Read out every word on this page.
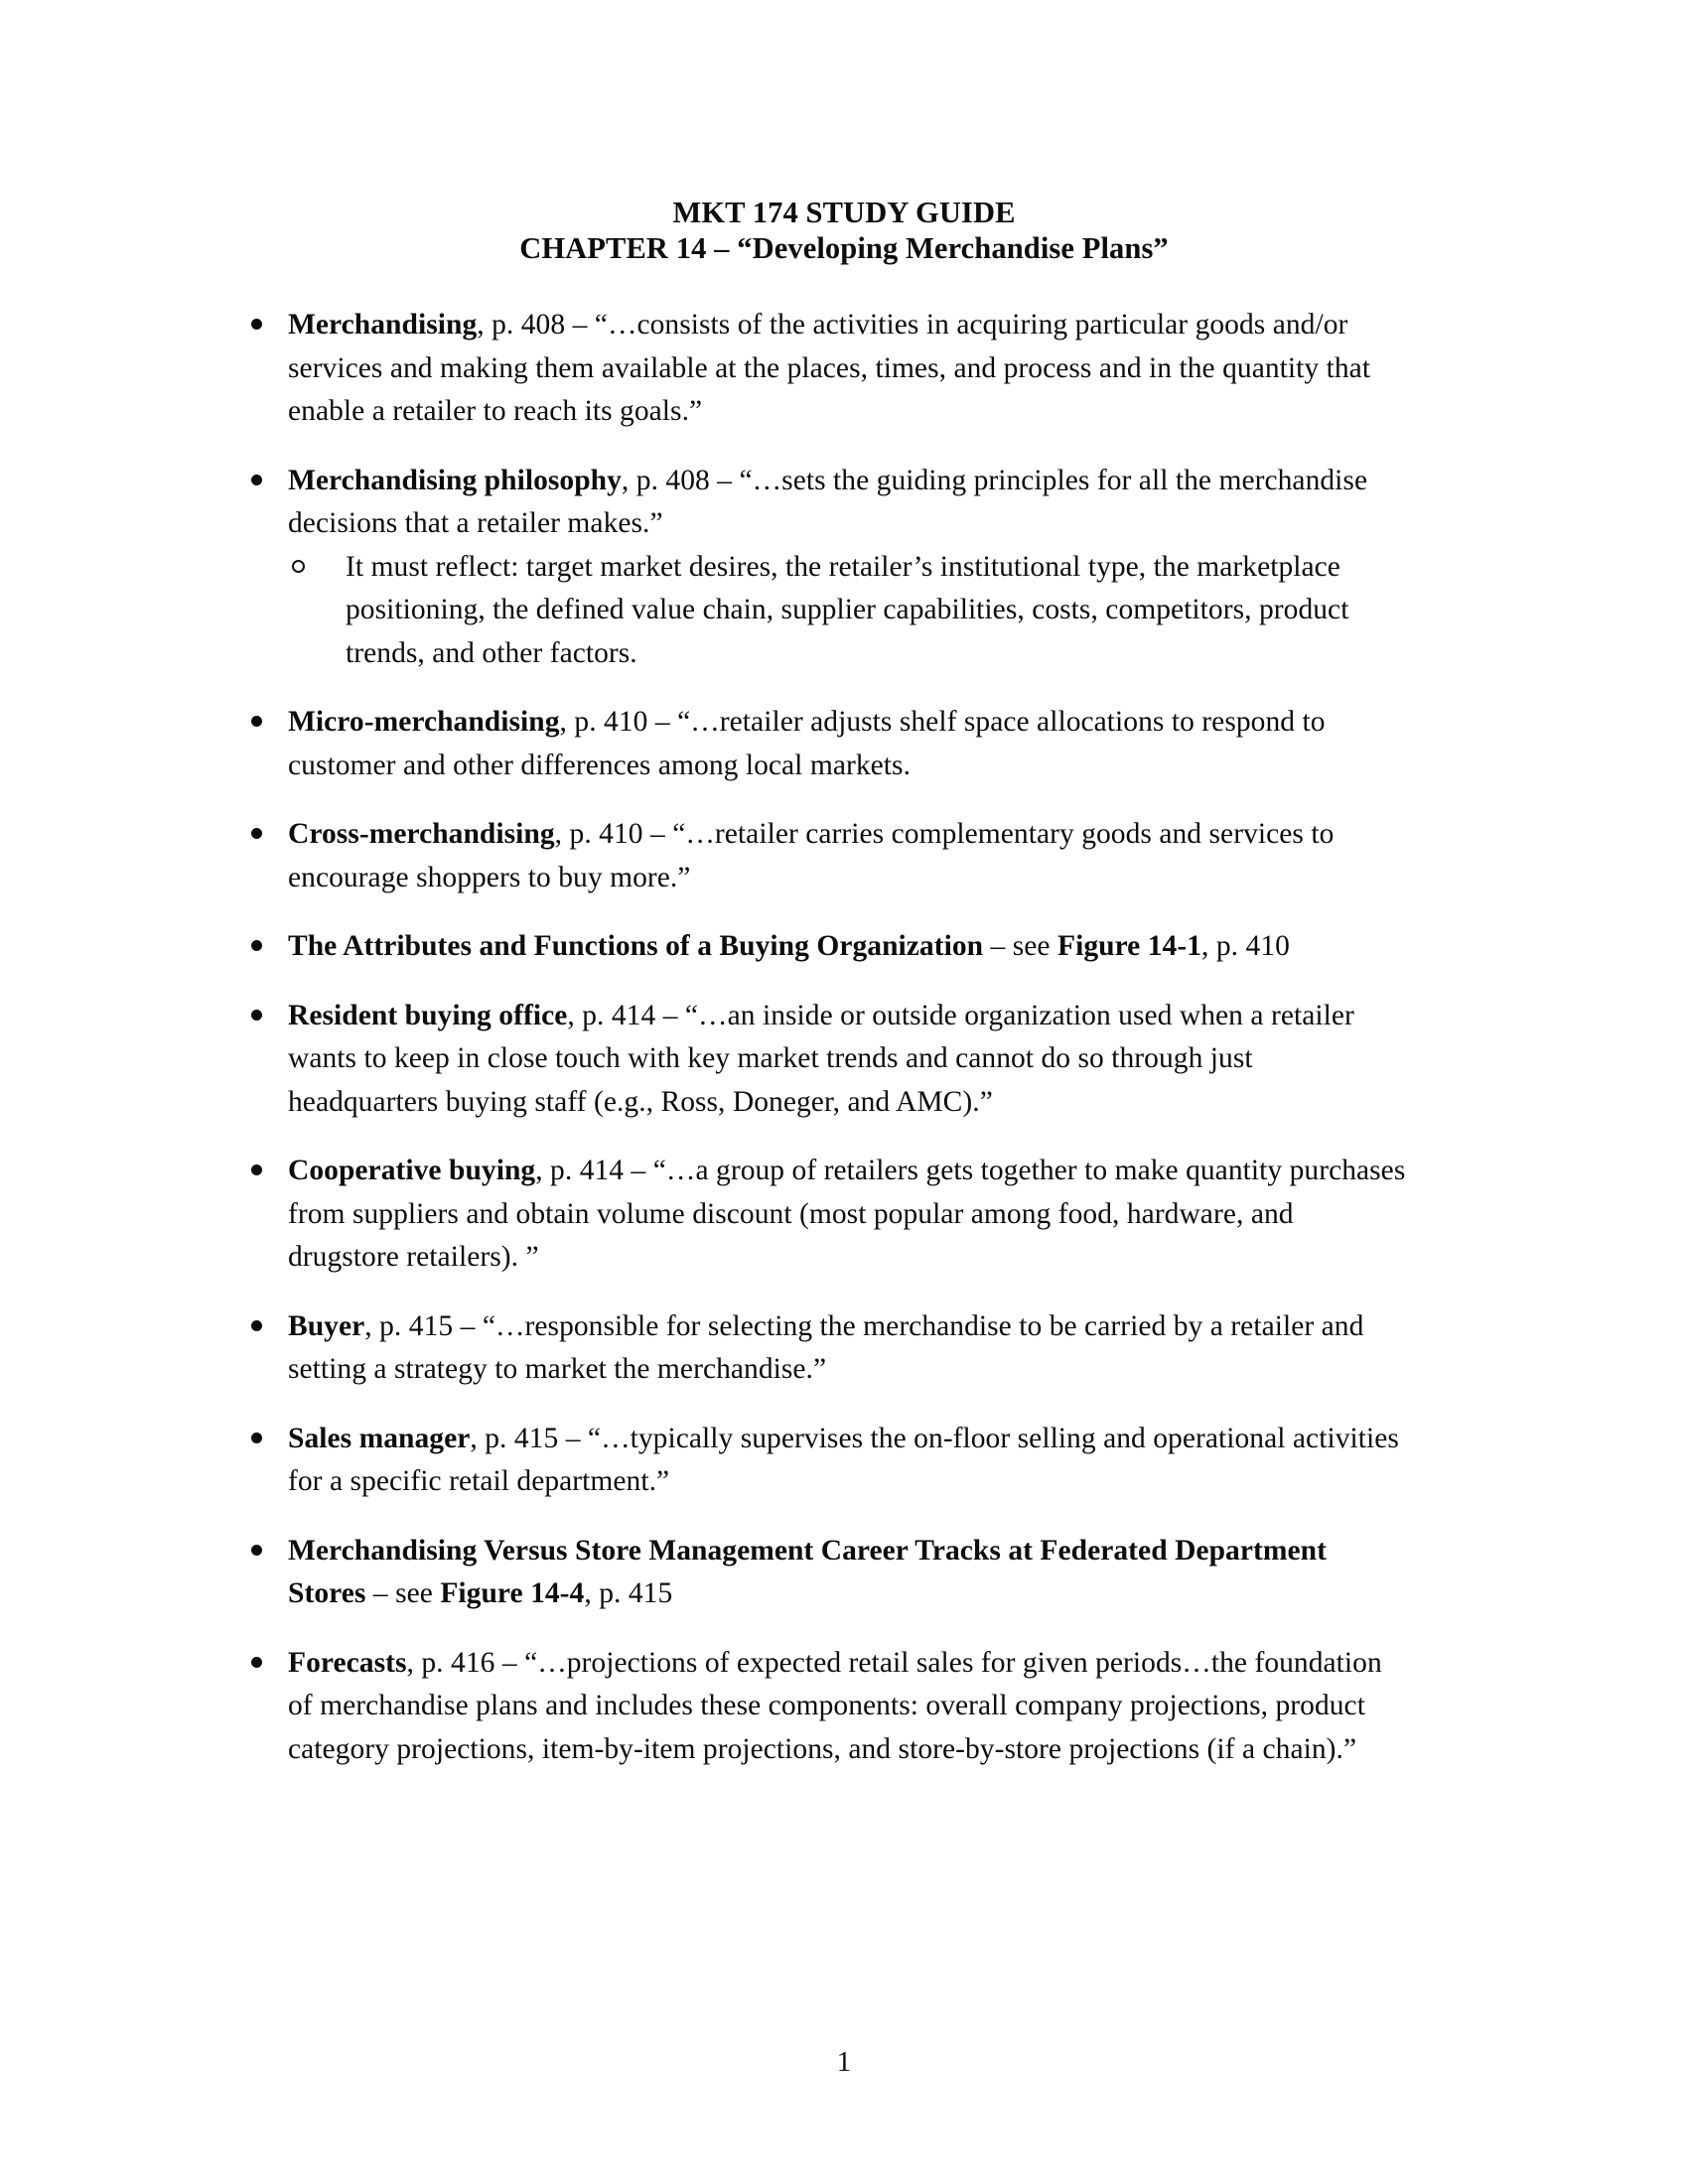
MKT 174 STUDY GUIDE
CHAPTER 14 – “Developing Merchandise Plans”
Merchandising, p. 408 – “…consists of the activities in acquiring particular goods and/or services and making them available at the places, times, and process and in the quantity that enable a retailer to reach its goals.”
Merchandising philosophy, p. 408 – “…sets the guiding principles for all the merchandise decisions that a retailer makes.”
It must reflect: target market desires, the retailer’s institutional type, the marketplace positioning, the defined value chain, supplier capabilities, costs, competitors, product trends, and other factors.
Micro-merchandising, p. 410 – “…retailer adjusts shelf space allocations to respond to customer and other differences among local markets.
Cross-merchandising, p. 410 – “…retailer carries complementary goods and services to encourage shoppers to buy more.”
The Attributes and Functions of a Buying Organization – see Figure 14-1, p. 410
Resident buying office, p. 414 – “…an inside or outside organization used when a retailer wants to keep in close touch with key market trends and cannot do so through just headquarters buying staff (e.g., Ross, Doneger, and AMC).”
Cooperative buying, p. 414 – “…a group of retailers gets together to make quantity purchases from suppliers and obtain volume discount (most popular among food, hardware, and drugstore retailers). ”
Buyer, p. 415 – “…responsible for selecting the merchandise to be carried by a retailer and setting a strategy to market the merchandise.”
Sales manager, p. 415 – “…typically supervises the on-floor selling and operational activities for a specific retail department.”
Merchandising Versus Store Management Career Tracks at Federated Department Stores – see Figure 14-4, p. 415
Forecasts, p. 416 – “…projections of expected retail sales for given periods…the foundation of merchandise plans and includes these components: overall company projections, product category projections, item-by-item projections, and store-by-store projections (if a chain).”
1
